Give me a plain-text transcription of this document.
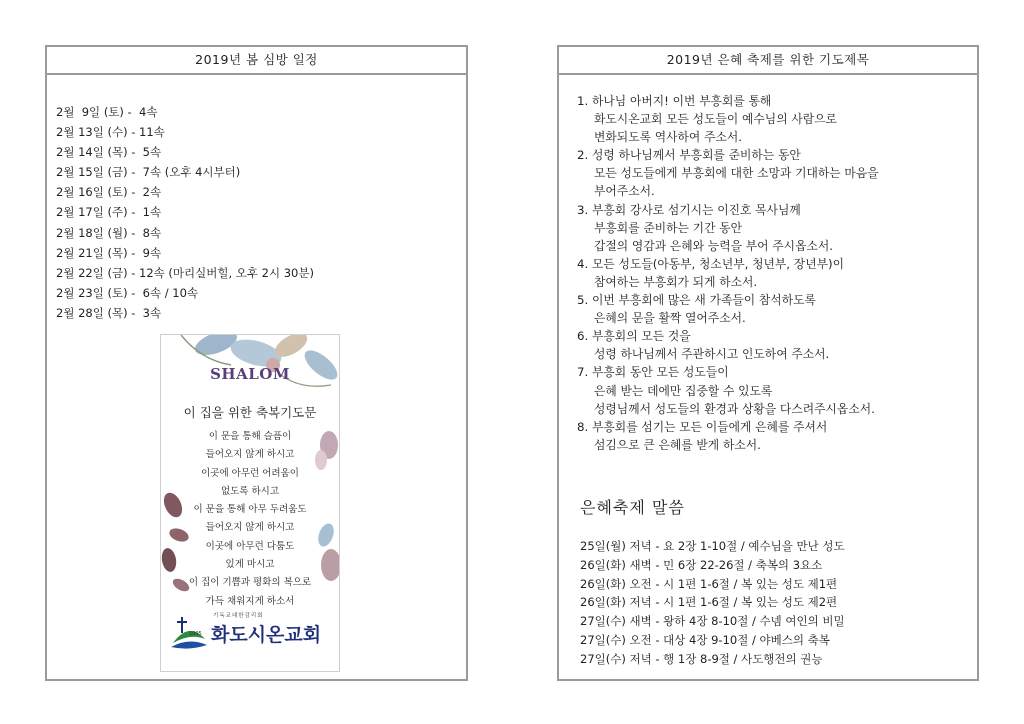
2019년 봄 심방 일정
2월  9일 (토) -  4속
2월 13일 (수) - 11속
2월 14일 (목) -  5속
2월 15일 (금) -  7속 (오후 4시부터)
2월 16일 (토) -  2속
2월 17일 (주) -  1속
2월 18일 (월) -  8속
2월 21일 (목) -  9속
2월 22일 (금) - 12속 (마리실버힐, 오후 2시 30분)
2월 23일 (토) -  6속 / 10속
2월 28일 (목) -  3속
SHALOM
이 집을 위한 축복기도문
이 문을 통해 슬픔이
들어오지 않게 하시고
이곳에 아무런 어려움이
없도록 하시고
이 문을 통해 아무 두려움도
들어오지 않게 하시고
이곳에 아무런 다툼도
있게 마시고
이 집이 기쁨과 평화의 복으로
가득 채워지게 하소서
1905
기독교대한감리회
화도시온교회
2019년 은혜 축제를 위한 기도제목
1. 하나님 아버지! 이번 부흥회를 통해
화도시온교회 모든 성도들이 예수님의 사람으로
변화되도록 역사하여 주소서.
2. 성령 하나님께서 부흥회를 준비하는 동안
모든 성도들에게 부흥회에 대한 소망과 기대하는 마음을
부어주소서.
3. 부흥회 강사로 섬기시는 이진호 목사님께
부흥회를 준비하는 기간 동안
갑절의 영감과 은혜와 능력을 부어 주시옵소서.
4. 모든 성도들(아동부, 청소년부, 청년부, 장년부)이
참여하는 부흥회가 되게 하소서.
5. 이번 부흥회에 많은 새 가족들이 참석하도록
은혜의 문을 활짝 열어주소서.
6. 부흥회의 모든 것을
성령 하나님께서 주관하시고 인도하여 주소서.
7. 부흥회 동안 모든 성도들이
은혜 받는 데에만 집중할 수 있도록
성령님께서 성도들의 환경과 상황을 다스려주시옵소서.
8. 부흥회를 섬기는 모든 이들에게 은혜를 주셔서
섬김으로 큰 은혜를 받게 하소서.
은혜축제 말씀
25일(월) 저녁 - 요 2장 1-10절 / 예수님을 만난 성도
26일(화) 새벽 - 민 6장 22-26절 / 축복의 3요소
26일(화) 오전 - 시 1편 1-6절 / 복 있는 성도 제1편
26일(화) 저녁 - 시 1편 1-6절 / 복 있는 성도 제2편
27일(수) 새벽 - 왕하 4장 8-10절 / 수넴 여인의 비밀
27일(수) 오전 - 대상 4장 9-10절 / 야베스의 축복
27일(수) 저녁 - 행 1장 8-9절 / 사도행전의 권능
